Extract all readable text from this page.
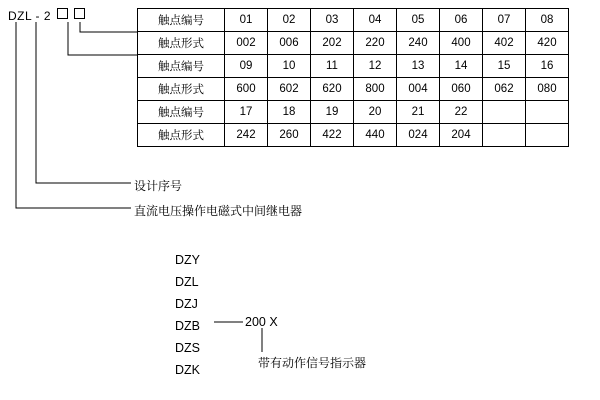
DZL - 2	触点编号	01	02	03	04	05	06	07	08
触点形式	002	006	202	220	240	400	402	420
触点编号	09	10	11	12	13	14	15	16
触点形式	600	602	620	800	004	060	062	080
触点编号	17	18	19	20	21	22		
触点形式	242	260	422	440	024	204		
设计序号
直流电压操作电磁式中间继电器
DZY
DZL
DZJ
DZB
DZS
DZK
200 X
带有动作信号指示器
